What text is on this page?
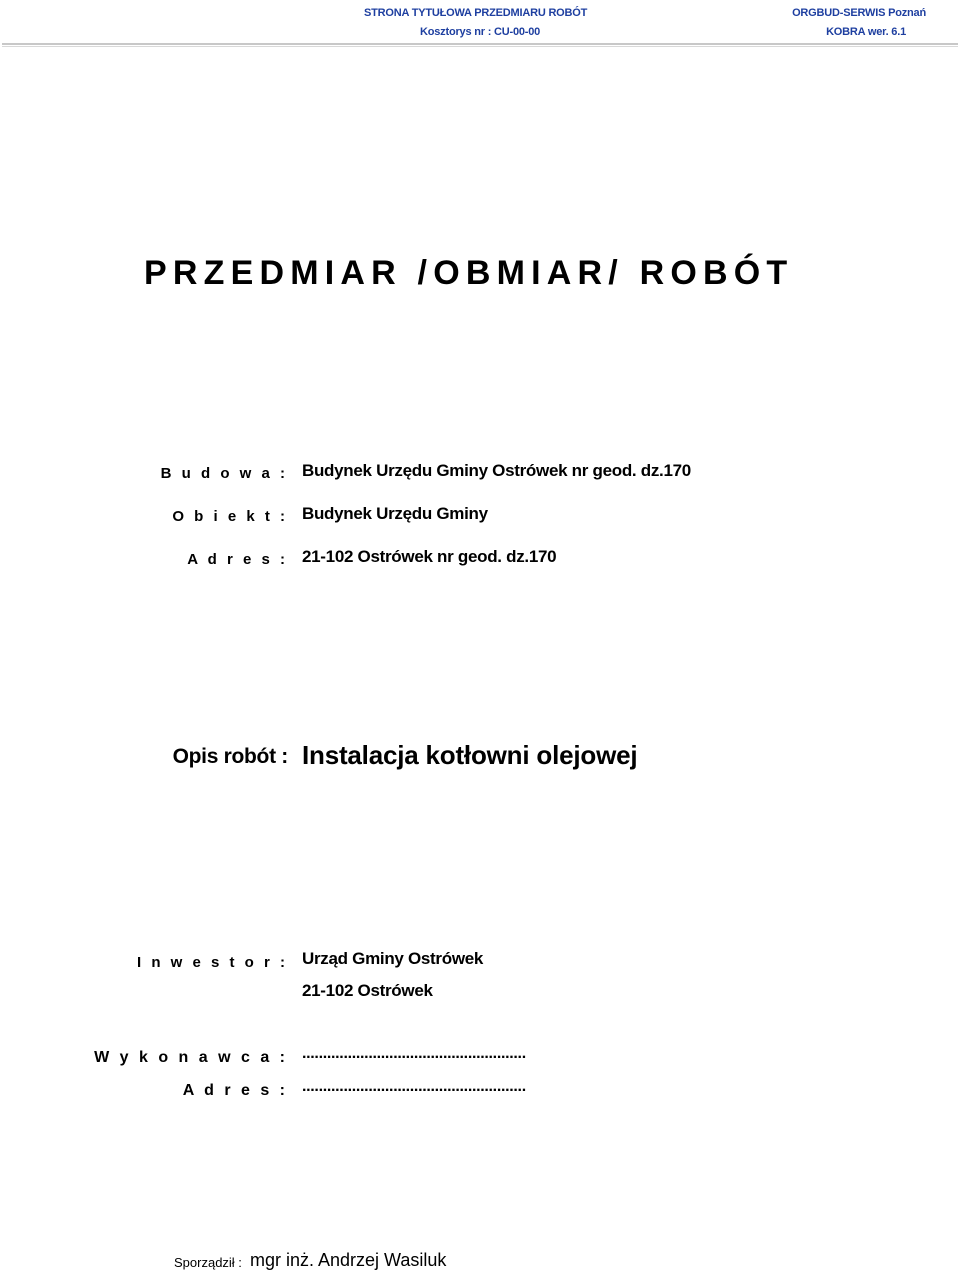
STRONA TYTUŁOWA PRZEDMIARU ROBÓT
Kosztorys nr : CU-00-00
ORGBUD-SERWIS Poznań
KOBRA wer. 6.1
PRZEDMIAR /OBMIAR/ ROBÓT
B u d o w a : Budynek Urzędu Gminy Ostrówek nr geod. dz.170
O b i e k t : Budynek Urzędu Gminy
A d r e s : 21-102 Ostrówek nr geod. dz.170
Opis robót : Instalacja kotłowni olejowej
I n w e s t o r : Urząd Gminy Ostrówek
21-102 Ostrówek
W y k o n a w c a : ......................................................
A d r e s : ......................................................
Sporządził : mgr inż. Andrzej Wasiluk
